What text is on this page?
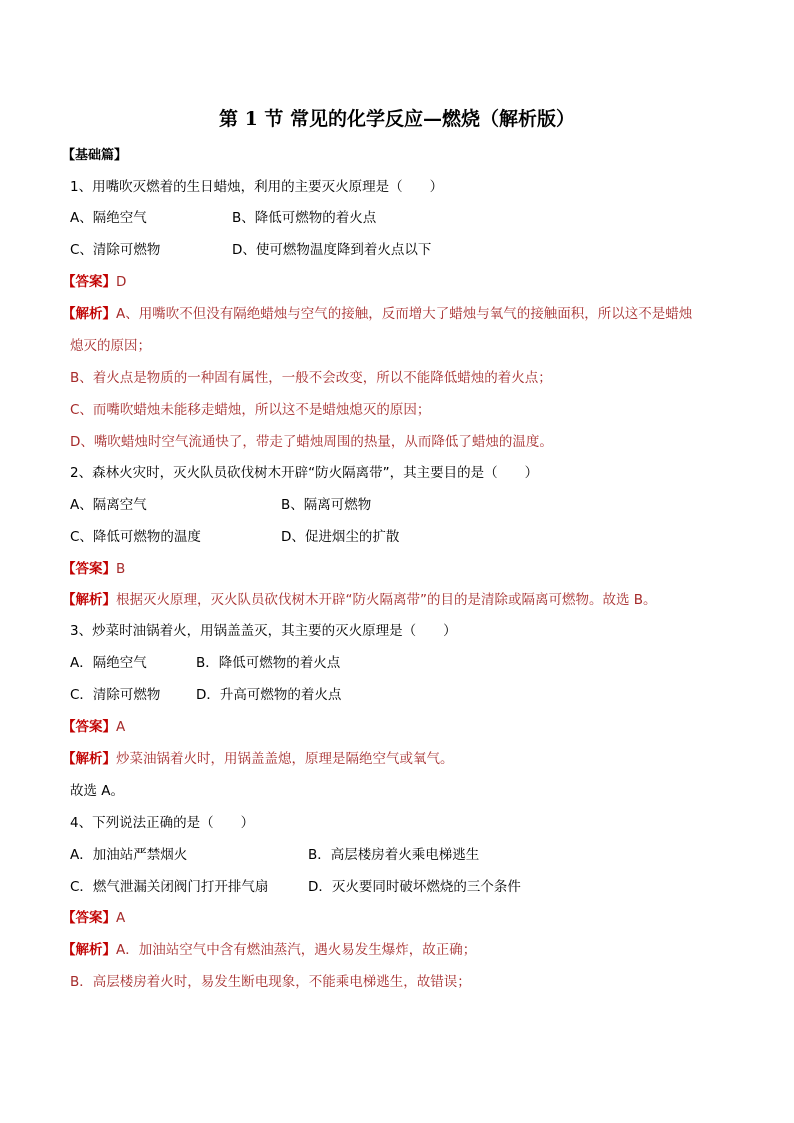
第 1 节 常见的化学反应—燃烧（解析版）
【基础篇】
1、用嘴吹灭燃着的生日蜡烛，利用的主要灭火原理是（　　）
A、隔绝空气	B、降低可燃物的着火点
C、清除可燃物	D、使可燃物温度降到着火点以下
【答案】D
【解析】A、用嘴吹不但没有隔绝蜡烛与空气的接触，反而增大了蜡烛与氧气的接触面积，所以这不是蜡烛
熄灭的原因；
B、着火点是物质的一种固有属性，一般不会改变，所以不能降低蜡烛的着火点；
C、而嘴吹蜡烛未能移走蜡烛，所以这不是蜡烛熄灭的原因；
D、嘴吹蜡烛时空气流通快了，带走了蜡烛周围的热量，从而降低了蜡烛的温度。
2、森林火灾时，灭火队员砍伐树木开辟“防火隔离带”，其主要目的是（　　）
A、隔离空气	B、隔离可燃物
C、降低可燃物的温度	D、促进烟尘的扩散
【答案】B
【解析】根据灭火原理，灭火队员砍伐树木开辟“防火隔离带”的目的是清除或隔离可燃物。故选 B。
3、炒菜时油锅着火，用锅盖盖灭，其主要的灭火原理是（　　）
A．隔绝空气	B．降低可燃物的着火点
C．清除可燃物	D．升高可燃物的着火点
【答案】A
【解析】炒菜油锅着火时，用锅盖盖熄，原理是隔绝空气或氧气。
故选 A。
4、下列说法正确的是（　　）
A．加油站严禁烟火	B．高层楼房着火乘电梯逃生
C．燃气泄漏关闭阀门打开排气扇	D．灭火要同时破坏燃烧的三个条件
【答案】A
【解析】A．加油站空气中含有燃油蒸汽，遇火易发生爆炸，故正确；
B．高层楼房着火时，易发生断电现象，不能乘电梯逃生，故错误；
